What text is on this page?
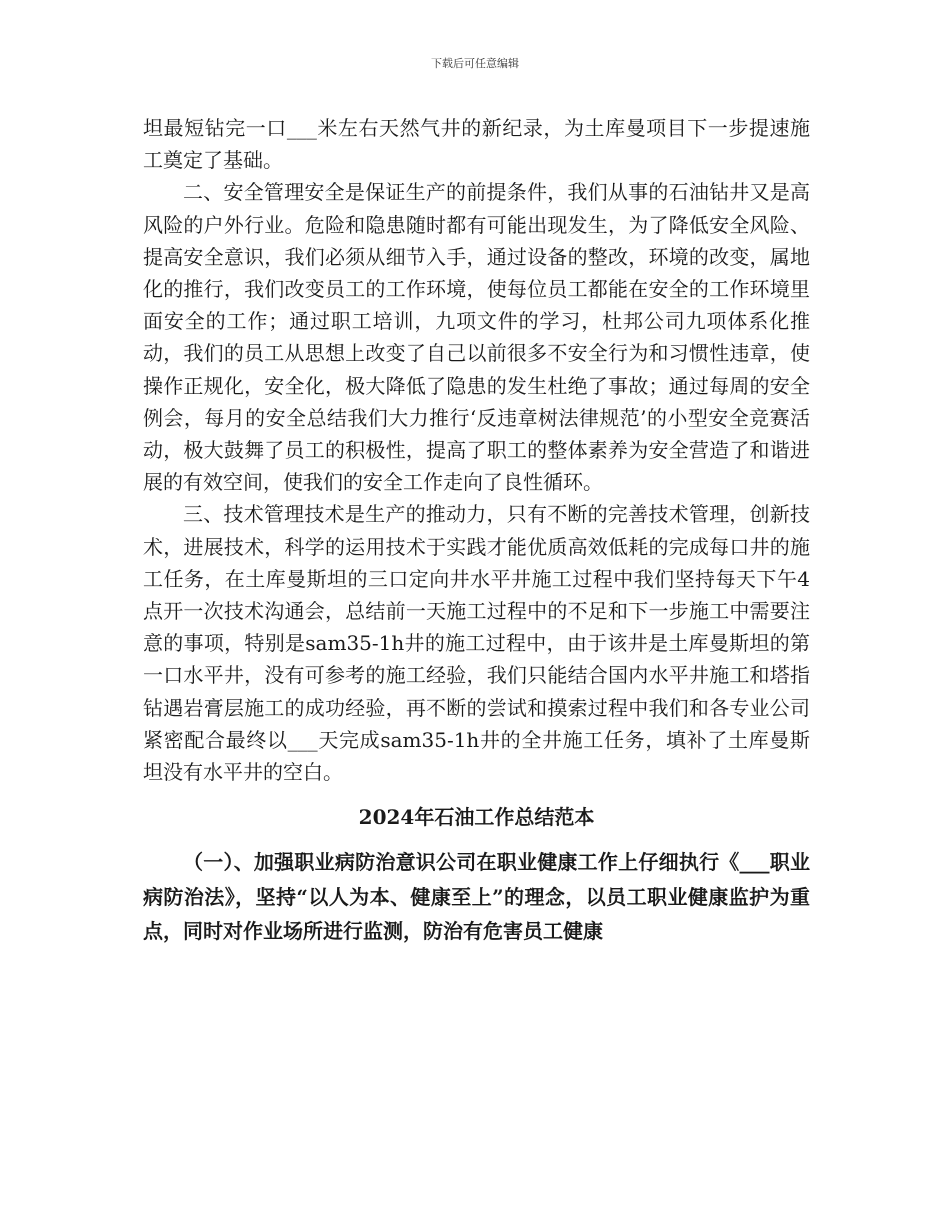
下载后可任意编辑

坦最短钻完一口___米左右天然气井的新纪录，为土库曼项目下一步提速施工奠定了基础。

二、安全管理安全是保证生产的前提条件，我们从事的石油钻井又是高风险的户外行业。危险和隐患随时都有可能出现发生，为了降低安全风险、提高安全意识，我们必须从细节入手，通过设备的整改，环境的改变，属地化的推行，我们改变员工的工作环境，使每位员工都能在安全的工作环境里面安全的工作；通过职工培训，九项文件的学习，杜邦公司九项体系化推动，我们的员工从思想上改变了自己以前很多不安全行为和习惯性违章，使操作正规化，安全化，极大降低了隐患的发生杜绝了事故；通过每周的安全例会，每月的安全总结我们大力推行‘反违章树法律规范’的小型安全竞赛活动，极大鼓舞了员工的积极性，提高了职工的整体素养为安全营造了和谐进展的有效空间，使我们的安全工作走向了良性循环。

三、技术管理技术是生产的推动力，只有不断的完善技术管理，创新技术，进展技术，科学的运用技术于实践才能优质高效低耗的完成每口井的施工任务，在土库曼斯坦的三口定向井水平井施工过程中我们坚持每天下午4点开一次技术沟通会，总结前一天施工过程中的不足和下一步施工中需要注意的事项，特别是sam35-1h井的施工过程中，由于该井是土库曼斯坦的第一口水平井，没有可参考的施工经验，我们只能结合国内水平井施工和塔指钻遇岩膏层施工的成功经验，再不断的尝试和摸索过程中我们和各专业公司紧密配合最终以___天完成sam35-1h井的全井施工任务，填补了土库曼斯坦没有水平井的空白。

2024年石油工作总结范本

（一）、加强职业病防治意识公司在职业健康工作上仔细执行《___职业病防治法》，坚持“以人为本、健康至上”的理念，以员工职业健康监护为重点，同时对作业场所进行监测，防治有危害员工健康
